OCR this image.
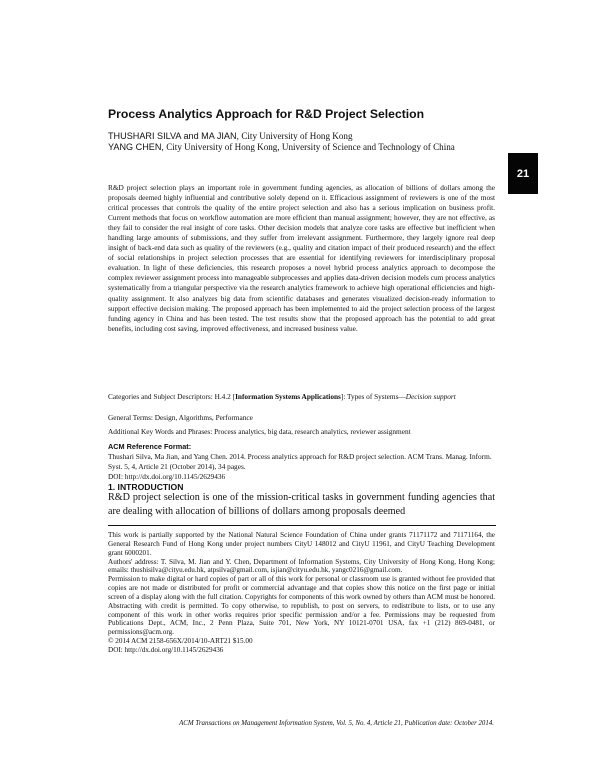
Process Analytics Approach for R&D Project Selection
THUSHARI SILVA and MA JIAN, City University of Hong Kong
YANG CHEN, City University of Hong Kong, University of Science and Technology of China
21

R&D project selection plays an important role in government funding agencies, as allocation of billions of dollars among the proposals deemed highly influential and contributive solely depend on it. Efficacious assignment of reviewers is one of the most critical processes that controls the quality of the entire project selection and also has a serious implication on business profit. Current methods that focus on workflow automation are more efficient than manual assignment; however, they are not effective, as they fail to consider the real insight of core tasks. Other decision models that analyze core tasks are effective but inefficient when handling large amounts of submissions, and they suffer from irrelevant assignment. Furthermore, they largely ignore real deep insight of back-end data such as quality of the reviewers (e.g., quality and citation impact of their produced research) and the effect of social relationships in project selection processes that are essential for identifying reviewers for interdisciplinary proposal evaluation. In light of these deficiencies, this research proposes a novel hybrid process analytics approach to decompose the complex reviewer assignment process into manageable subprocesses and applies data-driven decision models cum process analytics systematically from a triangular perspective via the research analytics framework to achieve high operational efficiencies and high-quality assignment. It also analyzes big data from scientific databases and generates visualized decision-ready information to support effective decision making. The proposed approach has been implemented to aid the project selection process of the largest funding agency in China and has been tested. The test results show that the proposed approach has the potential to add great benefits, including cost saving, improved effectiveness, and increased business value.

Categories and Subject Descriptors: H.4.2 [Information Systems Applications]: Types of Systems—Decision support

General Terms: Design, Algorithms, Performance

Additional Key Words and Phrases: Process analytics, big data, research analytics, reviewer assignment

ACM Reference Format:
Thushari Silva, Ma Jian, and Yang Chen. 2014. Process analytics approach for R&D project selection. ACM Trans. Manag. Inform. Syst. 5, 4, Article 21 (October 2014), 34 pages.
DOI: http://dx.doi.org/10.1145/2629436
1. INTRODUCTION

R&D project selection is one of the mission-critical tasks in government funding agencies that are dealing with allocation of billions of dollars among proposals deemed

This work is partially supported by the National Natural Science Foundation of China under grants 71171172 and 71171164, the General Research Fund of Hong Kong under project numbers CityU 148012 and CityU 11961, and CityU Teaching Development grant 6000201.

Authors' address: T. Silva, M. Jian and Y. Chen, Department of Information Systems, City University of Hong Kong, Hong Kong; emails: thushisilva@cityu.edu.hk, atpsilva@gmail.com, isjian@cityu.edu.hk, yangc0216@gmail.com.

Permission to make digital or hard copies of part or all of this work for personal or classroom use is granted without fee provided that copies are not made or distributed for profit or commercial advantage and that copies show this notice on the first page or initial screen of a display along with the full citation. Copyrights for components of this work owned by others than ACM must be honored. Abstracting with credit is permitted. To copy otherwise, to republish, to post on servers, to redistribute to lists, or to use any component of this work in other works requires prior specific permission and/or a fee. Permissions may be requested from Publications Dept., ACM, Inc., 2 Penn Plaza, Suite 701, New York, NY 10121-0701 USA, fax +1 (212) 869-0481, or permissions@acm.org.

© 2014 ACM 2158-656X/2014/10-ART21 $15.00

DOI: http://dx.doi.org/10.1145/2629436

ACM Transactions on Management Information System, Vol. 5, No. 4, Article 21, Publication date: October 2014.
